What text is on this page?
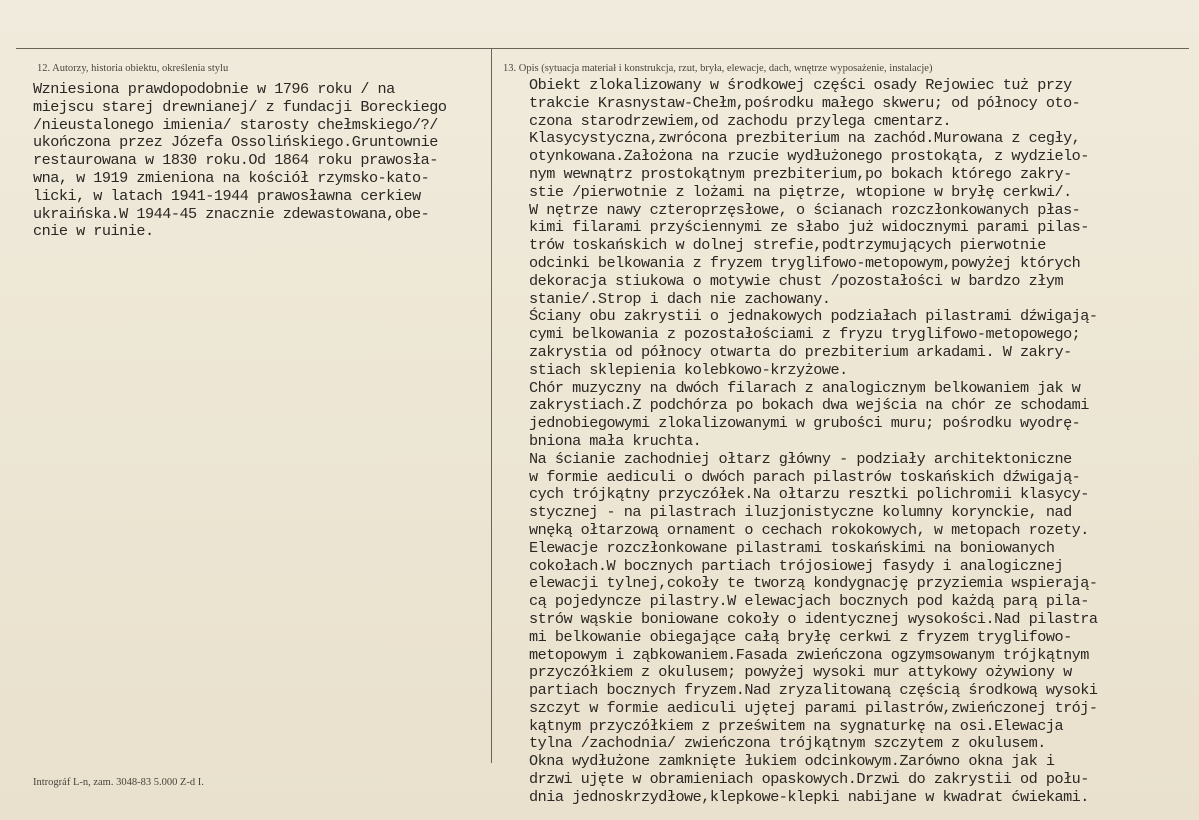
12. Autorzy, historia obiektu, określenia stylu	13. Opis (sytuacja materiał i konstrukcja, rzut, bryła, elewacje, dach, wnętrze wyposażenie, instalacje)
Wzniesiona prawdopodobnie w 1796 roku / na
miejscu starej drewnianej/ z fundacji Boreckiego
/nieustalonego imienia/ starosty chełmskiego/?/
ukończona przez Józefa Ossolińskiego.Gruntownie
restaurowana w 1830 roku.Od 1864 roku prawosła-
wna, w 1919 zmieniona na kościół rzymsko-kato-
licki, w latach 1941-1944 prawosławna cerkiew
ukraińska.W 1944-45 znacznie zdewastowana,obe-
cnie w ruinie.
Obiekt zlokalizowany w środkowej części osady Rejowiec tuż przy
trakcie Krasnystaw-Chełm,pośrodku małego skweru; od północy oto-
czona starodrzewiem,od zachodu przylega cmentarz.
Klasycystyczna,zwrócona prezbiterium na zachód.Murowana z cegły,
otynkowana.Założona na rzucie wydłużonego prostokąta, z wydzielo-
nym wewnątrz prostokątnym prezbiterium,po bokach którego zakry-
stie /pierwotnie z lożami na piętrze, wtopione w bryłę cerkwi/.
W nętrze nawy czteroprzęsłowe, o ścianach rozczłonkowanych płas-
kimi filarami przyściennymi ze słabo już widocznymi parami pilas-
trów toskańskich w dolnej strefie,podtrzymujących pierwotnie
odcinki belkowania z fryzem tryglifowo-metopowym,powyżej których
dekoracja stiukowa o motywie chust /pozostałości w bardzo złym
stanie/.Strop i dach nie zachowany.
Ściany obu zakrystii o jednakowych podziałach pilastrami dźwigają-
cymi belkowania z pozostałościami z fryzu tryglifowo-metopowego;
zakrystia od północy otwarta do prezbiterium arkadami. W zakry-
stiach sklepienia kolebkowo-krzyżowe.
Chór muzyczny na dwóch filarach z analogicznym belkowaniem jak w
zakrystiach.Z podchórza po bokach dwa wejścia na chór ze schodami
jednobiegowymi zlokalizowanymi w grubości muru; pośrodku wyodrę-
bniona mała kruchta.
Na ścianie zachodniej ołtarz główny - podziały architektoniczne
w formie aediculi o dwóch parach pilastrów toskańskich dźwigają-
cych trójkątny przyczółek.Na ołtarzu resztki polichromii klasycy-
stycznej - na pilastrach iluzjonistyczne kolumny korynckie, nad
wnęką ołtarzową ornament o cechach rokokowych, w metopach rozety.
Elewacje rozczłonkowane pilastrami toskańskimi na boniowanych
cokołach.W bocznych partiach trójosiowej fasydy i analogicznej
elewacji tylnej,cokoły te tworzą kondygnację przyziemia wspierają-
cą pojedyncze pilastry.W elewacjach bocznych pod każdą parą pila-
strów wąskie boniowane cokoły o identycznej wysokości.Nad pilastra
mi belkowanie obiegające całą bryłę cerkwi z fryzem tryglifowo-
metopowym i ząbkowaniem.Fasada zwieńczona ogzymsowanym trójkątnym
przyczółkiem z okulusem; powyżej wysoki mur attykowy ożywiony w
partiach bocznych fryzem.Nad zryzalitowaną częścią środkową wysoki
szczyt w formie aediculi ujętej parami pilastrów,zwieńczonej trój-
kątnym przyczółkiem z prześwitem na sygnaturkę na osi.Elewacja
tylna /zachodnia/ zwieńczona trójkątnym szczytem z okulusem.
Okna wydłużone zamknięte łukiem odcinkowym.Zarówno okna jak i
drzwi ujęte w obramieniach opaskowych.Drzwi do zakrystii od połu-
dnia jednoskrzydłowe,klepkowe-klepki nabijane w kwadrat ćwiekami.
Intrográf L-n, zam. 3048-83 5.000 Z-d I.
